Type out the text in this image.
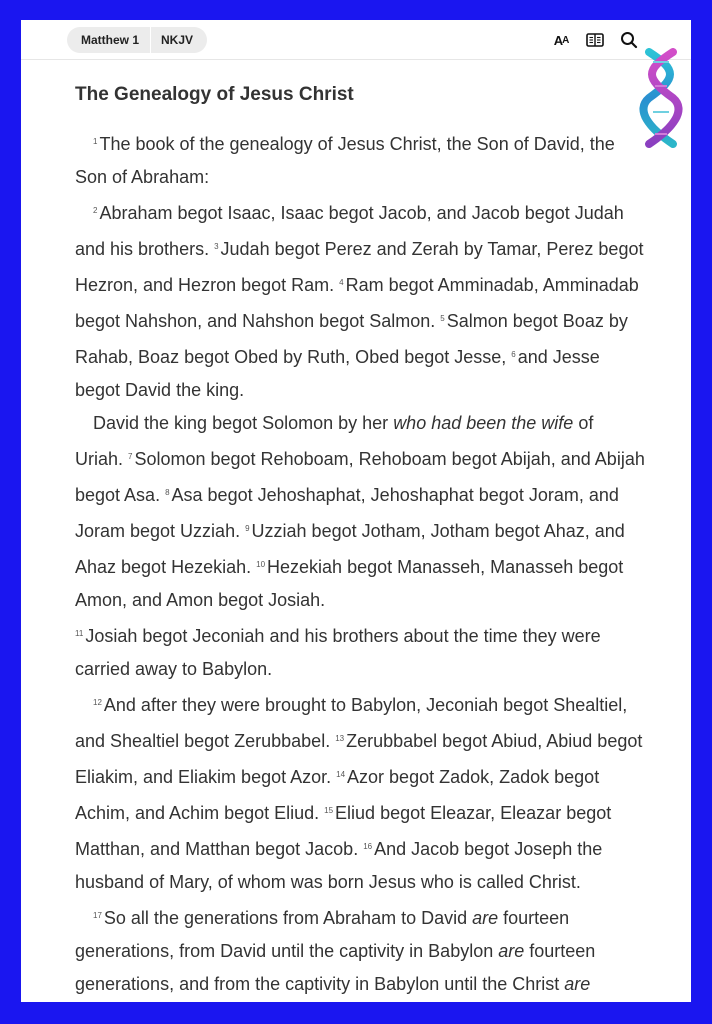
Matthew 1	NKJV	A A
The Genealogy of Jesus Christ

$^1$ The book of the genealogy of Jesus Christ, the Son of David, the Son of Abraham:

$^2$ Abraham begot Isaac, Isaac begot Jacob, and Jacob begot Judah and his brothers. $^3$ Judah begot Perez and Zerah by Tamar, Perez begot Hezron, and Hezron begot Ram. $^4$ Ram begot Amminadab, Amminadab begot Nahshon, and Nahshon begot Salmon. $^5$ Salmon begot Boaz by Rahab, Boaz begot Obed by Ruth, Obed begot Jesse, $^6$ and Jesse begot David the king.

David the king begot Solomon by her who had been the wife of Uriah. $^7$ Solomon begot Rehoboam, Rehoboam begot Abijah, and Abijah begot Asa. $^8$ Asa begot Jehoshaphat, Jehoshaphat begot Joram, and Joram begot Uzziah. $^9$ Uzziah begot Jotham, Jotham begot Ahaz, and Ahaz begot Hezekiah. $^{10}$ Hezekiah begot Manasseh, Manasseh begot Amon, and Amon begot Josiah.

$^{11}$ Josiah begot Jeconiah and his brothers about the time they were carried away to Babylon.

$^{12}$ And after they were brought to Babylon, Jeconiah begot Shealtiel, and Shealtiel begot Zerubbabel. $^{13}$ Zerubbabel begot Abiud, Abiud begot Eliakim, and Eliakim begot Azor. $^{14}$ Azor begot Zadok, Zadok begot Achim, and Achim begot Eliud. $^{15}$ Eliud begot Eleazar, Eleazar begot Matthan, and Matthan begot Jacob. $^{16}$ And Jacob begot Joseph the husband of Mary, of whom was born Jesus who is called Christ.

$^{17}$ So all the generations from Abraham to David are fourteen generations, from David until the captivity in Babylon are fourteen generations, and from the captivity in Babylon until the Christ are
